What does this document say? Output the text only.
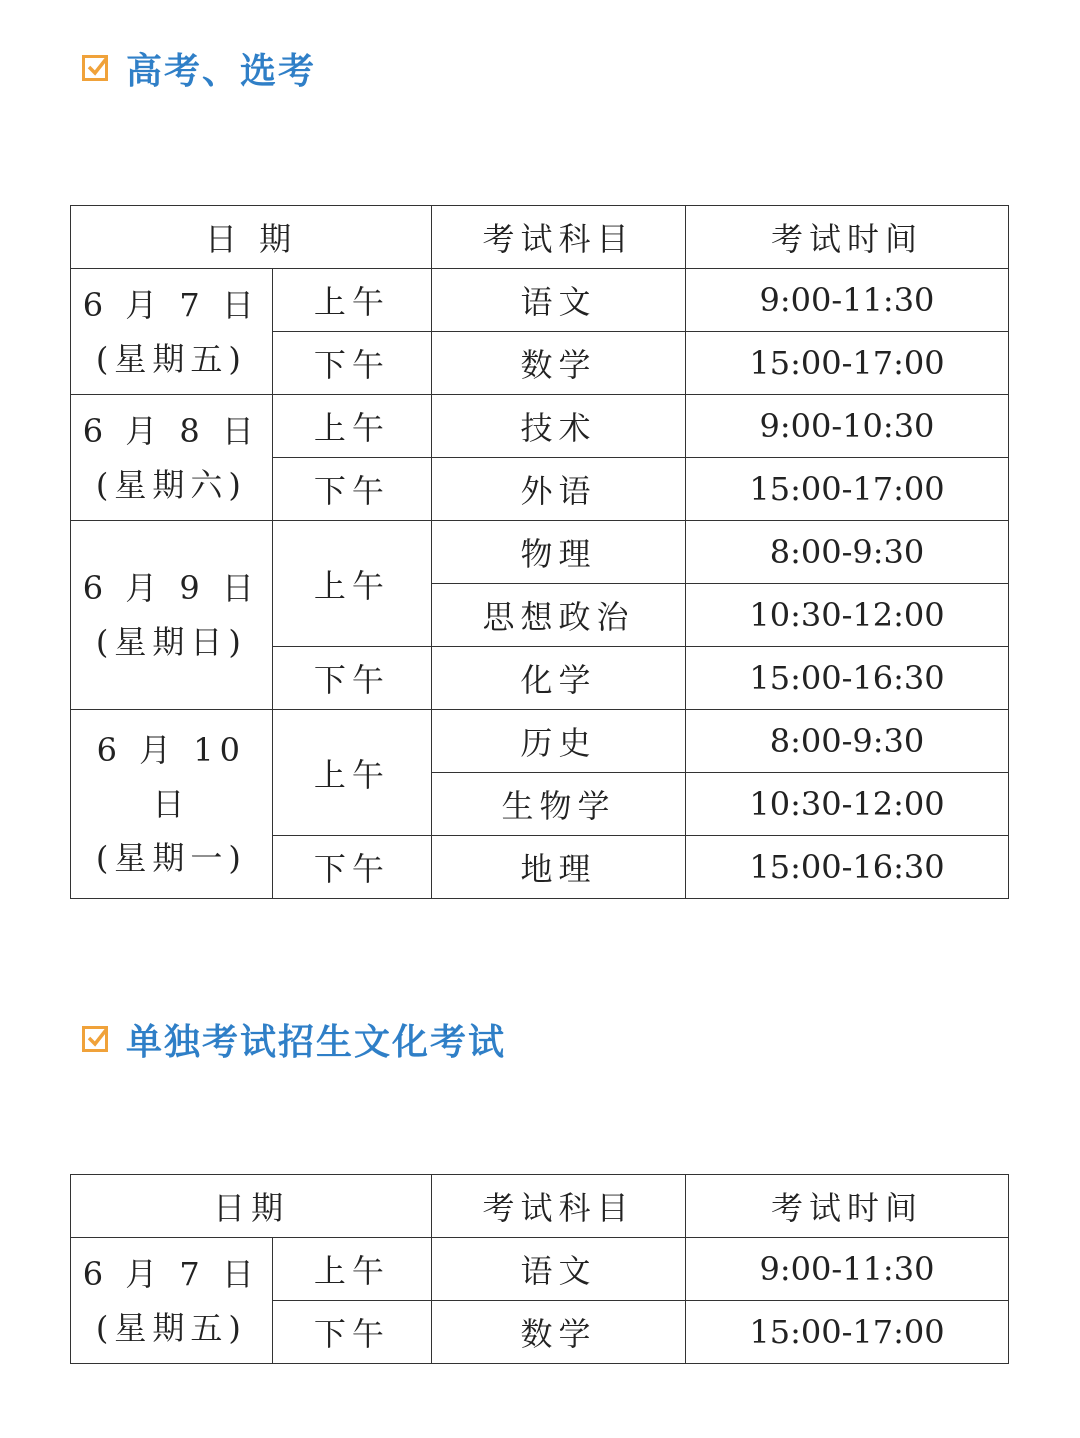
高考、选考
日 期		考试科目	考试时间

6 月 7 日
(星期五)	上午	语文	9:00-11:30
	下午	数学	15:00-17:00

6 月 8 日
(星期六)	上午	技术	9:00-10:30
	下午	外语	15:00-17:00

6 月 9 日
(星期日)	上午	物理	8:00-9:30
		思想政治	10:30-12:00
	下午	化学	15:00-16:30

6 月 10 日
(星期一)	上午	历史	8:00-9:30
		生物学	10:30-12:00
	下午	地理	15:00-16:30
单独考试招生文化考试
日期		考试科目	考试时间

6 月 7 日
(星期五)	上午	语文	9:00-11:30
	下午	数学	15:00-17:00
